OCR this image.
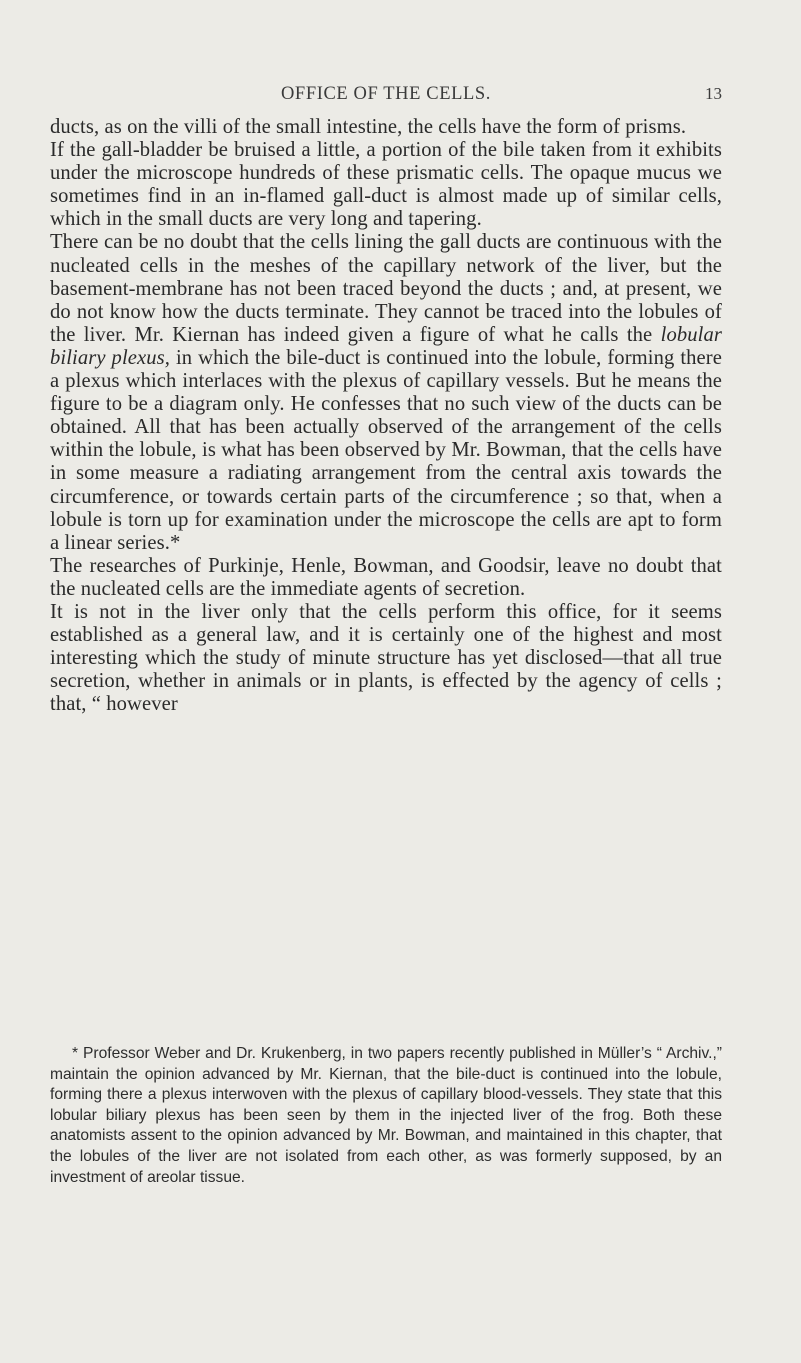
OFFICE OF THE CELLS.	13

ducts, as on the villi of the small intestine, the cells have the form of prisms.

If the gall-bladder be bruised a little, a portion of the bile taken from it exhibits under the microscope hundreds of these prismatic cells. The opaque mucus we sometimes find in an in-flamed gall-duct is almost made up of similar cells, which in the small ducts are very long and tapering.

There can be no doubt that the cells lining the gall ducts are continuous with the nucleated cells in the meshes of the capillary network of the liver, but the basement-membrane has not been traced beyond the ducts ; and, at present, we do not know how the ducts terminate. They cannot be traced into the lobules of the liver. Mr. Kiernan has indeed given a figure of what he calls the lobular biliary plexus, in which the bile-duct is continued into the lobule, forming there a plexus which interlaces with the plexus of capillary vessels. But he means the figure to be a diagram only. He confesses that no such view of the ducts can be obtained. All that has been actually observed of the arrangement of the cells within the lobule, is what has been observed by Mr. Bowman, that the cells have in some measure a radiating arrangement from the central axis towards the circumference, or towards certain parts of the circumference ; so that, when a lobule is torn up for examination under the microscope the cells are apt to form a linear series.*

The researches of Purkinje, Henle, Bowman, and Goodsir, leave no doubt that the nucleated cells are the immediate agents of secretion.

It is not in the liver only that the cells perform this office, for it seems established as a general law, and it is certainly one of the highest and most interesting which the study of minute structure has yet disclosed—that all true secretion, whether in animals or in plants, is effected by the agency of cells ; that, “ however

* Professor Weber and Dr. Krukenberg, in two papers recently published in Müller’s “ Archiv.,” maintain the opinion advanced by Mr. Kiernan, that the bile-duct is continued into the lobule, forming there a plexus interwoven with the plexus of capillary blood-vessels. They state that this lobular biliary plexus has been seen by them in the injected liver of the frog. Both these anatomists assent to the opinion advanced by Mr. Bowman, and maintained in this chapter, that the lobules of the liver are not isolated from each other, as was formerly supposed, by an investment of areolar tissue.
